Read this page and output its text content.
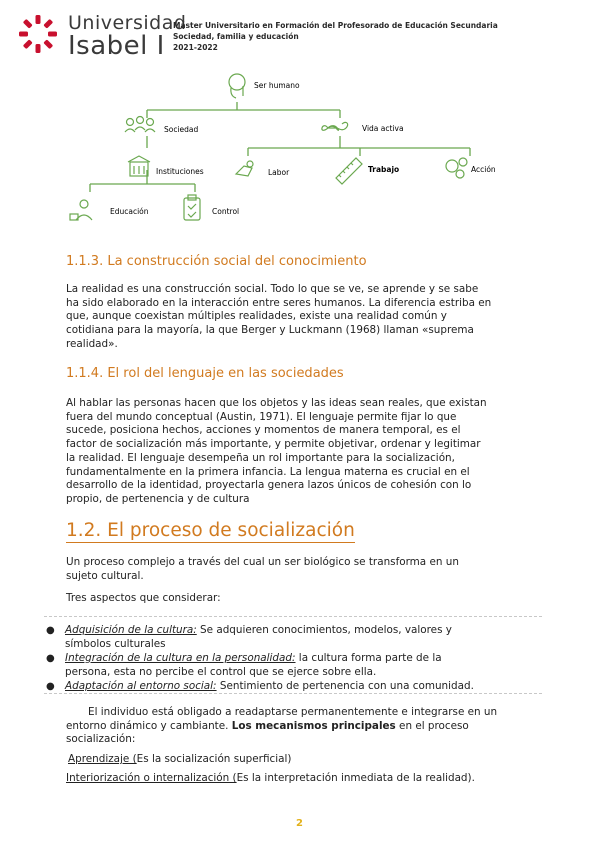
Universidad
Isabel I
Máster Universitario en Formación del Profesorado de Educación Secundaria
Sociedad, familia y educación
2021-2022
Ser humano
Sociedad	Vida activa
Instituciones	Labor	Trabajo	Acción
Educación	Control
1.1.3. La construcción social del conocimiento
La realidad es una construcción social. Todo lo que se ve, se aprende y se sabe
ha sido elaborado en la interacción entre seres humanos. La diferencia estriba en
que, aunque coexistan múltiples realidades, existe una realidad común y
cotidiana para la mayoría, la que Berger y Luckmann (1968) llaman «suprema
realidad».
1.1.4. El rol del lenguaje en las sociedades
Al hablar las personas hacen que los objetos y las ideas sean reales, que existan
fuera del mundo conceptual (Austin, 1971). El lenguaje permite fijar lo que
sucede, posiciona hechos, acciones y momentos de manera temporal, es el
factor de socialización más importante, y permite objetivar, ordenar y legitimar
la realidad. El lenguaje desempeña un rol importante para la socialización,
fundamentalmente en la primera infancia. La lengua materna es crucial en el
desarrollo de la identidad, proyectarla genera lazos únicos de cohesión con lo
propio, de pertenencia y de cultura
1.2. El proceso de socialización
Un proceso complejo a través del cual un ser biológico se transforma en un
sujeto cultural.
Tres aspectos que considerar:
● Adquisición de la cultura: Se adquieren conocimientos, modelos, valores y
símbolos culturales
● Integración de la cultura en la personalidad: la cultura forma parte de la
persona, esta no percibe el control que se ejerce sobre ella.
● Adaptación al entorno social: Sentimiento de pertenencia con una comunidad.
El individuo está obligado a readaptarse permanentemente e integrarse en un
entorno dinámico y cambiante. Los mecanismos principales en el proceso
socialización:
Aprendizaje (Es la socialización superficial)
Interiorización o internalización (Es la interpretación inmediata de la realidad).
2
